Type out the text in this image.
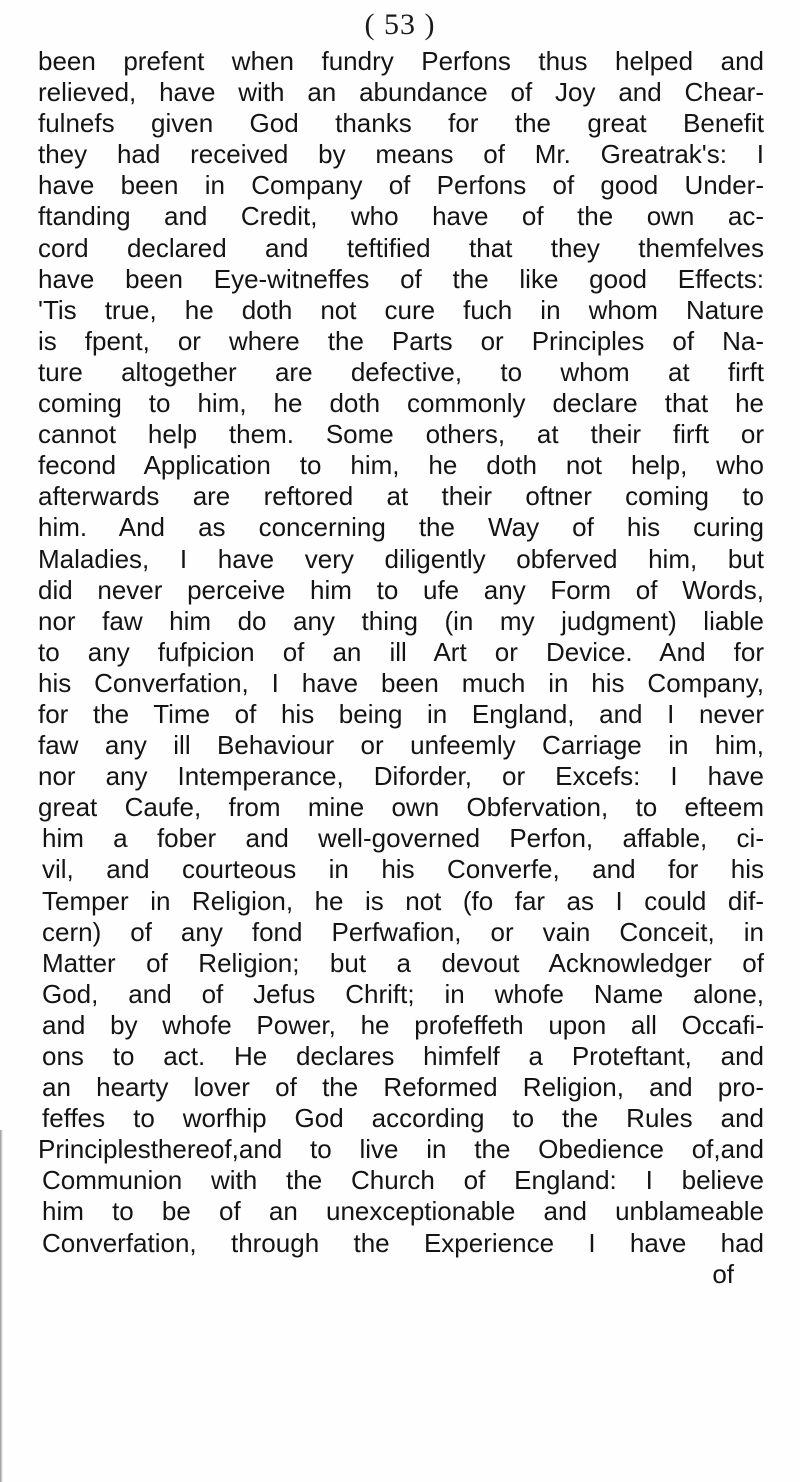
( 53 )
been prefent when fundry Perfons thus helped and
relieved, have with an abundance of Joy and Chear-
fulnefs given God thanks for the great Benefit
they had received by means of Mr. Greatrak's: I
have been in Company of Perfons of good Under-
ftanding and Credit, who have of the own ac-
cord declared and teftified that they themfelves
have been Eye-witneffes of the like good Effects:
'Tis true, he doth not cure fuch in whom Nature
is fpent, or where the Parts or Principles of Na-
ture altogether are defective, to whom at firft
coming to him, he doth commonly declare that he
cannot help them. Some others, at their firft or
fecond Application to him, he doth not help, who
afterwards are reftored at their oftner coming to
him. And as concerning the Way of his curing
Maladies, I have very diligently obferved him, but
did never perceive him to ufe any Form of Words,
nor faw him do any thing (in my judgment) liable
to any fufpicion of an ill Art or Device. And for
his Converfation, I have been much in his Company,
for the Time of his being in England, and I never
faw any ill Behaviour or unfeemly Carriage in him,
nor any Intemperance, Diforder, or Excefs: I have
great Caufe, from mine own Obfervation, to efteem
him a fober and well-governed Perfon, affable, ci-
vil, and courteous in his Converfe, and for his
Temper in Religion, he is not (fo far as I could dif-
cern) of any fond Perfwafion, or vain Conceit, in
Matter of Religion; but a devout Acknowledger of
God, and of Jefus Chrift; in whofe Name alone,
and by whofe Power, he profeffeth upon all Occafi-
ons to act. He declares himfelf a Proteftant, and
an hearty lover of the Reformed Religion, and pro-
feffes to worfhip God according to the Rules and
Principlesthereof,and to live in the Obedience of,and
Communion with the Church of England: I believe
him to be of an unexceptionable and unblameable
Converfation, through the Experience I have had
of
